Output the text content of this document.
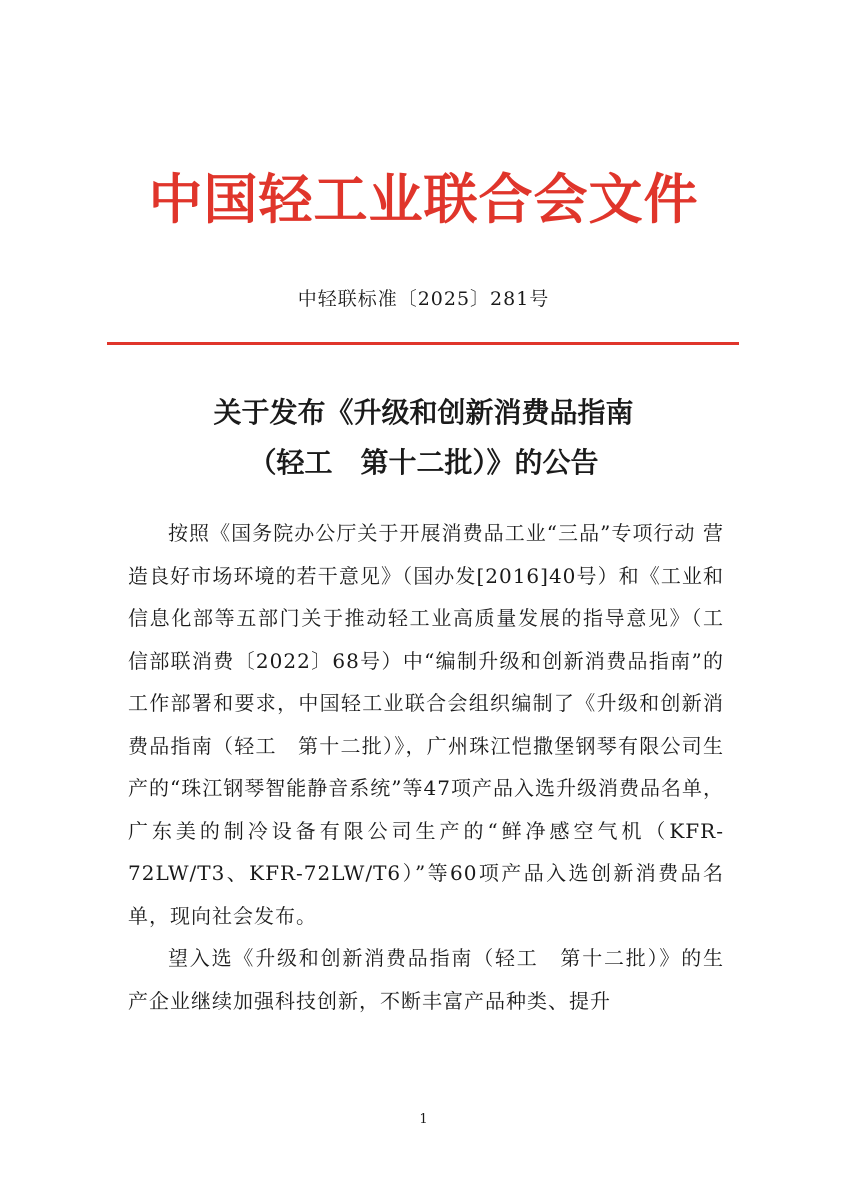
中国轻工业联合会文件
中轻联标准〔2025〕281号
关于发布《升级和创新消费品指南
（轻工　第十二批）》的公告

按照《国务院办公厅关于开展消费品工业“三品”专项行动 营造良好市场环境的若干意见》（国办发[2016]40号）和《工业和信息化部等五部门关于推动轻工业高质量发展的指导意见》（工信部联消费〔2022〕68号）中“编制升级和创新消费品指南”的工作部署和要求，中国轻工业联合会组织编制了《升级和创新消费品指南（轻工　第十二批）》，广州珠江恺撒堡钢琴有限公司生产的“珠江钢琴智能静音系统”等47项产品入选升级消费品名单，广东美的制冷设备有限公司生产的“鲜净感空气机（KFR-72LW/T3、KFR-72LW/T6）”等60项产品入选创新消费品名单，现向社会发布。

望入选《升级和创新消费品指南（轻工　第十二批）》的生产企业继续加强科技创新，不断丰富产品种类、提升

1
